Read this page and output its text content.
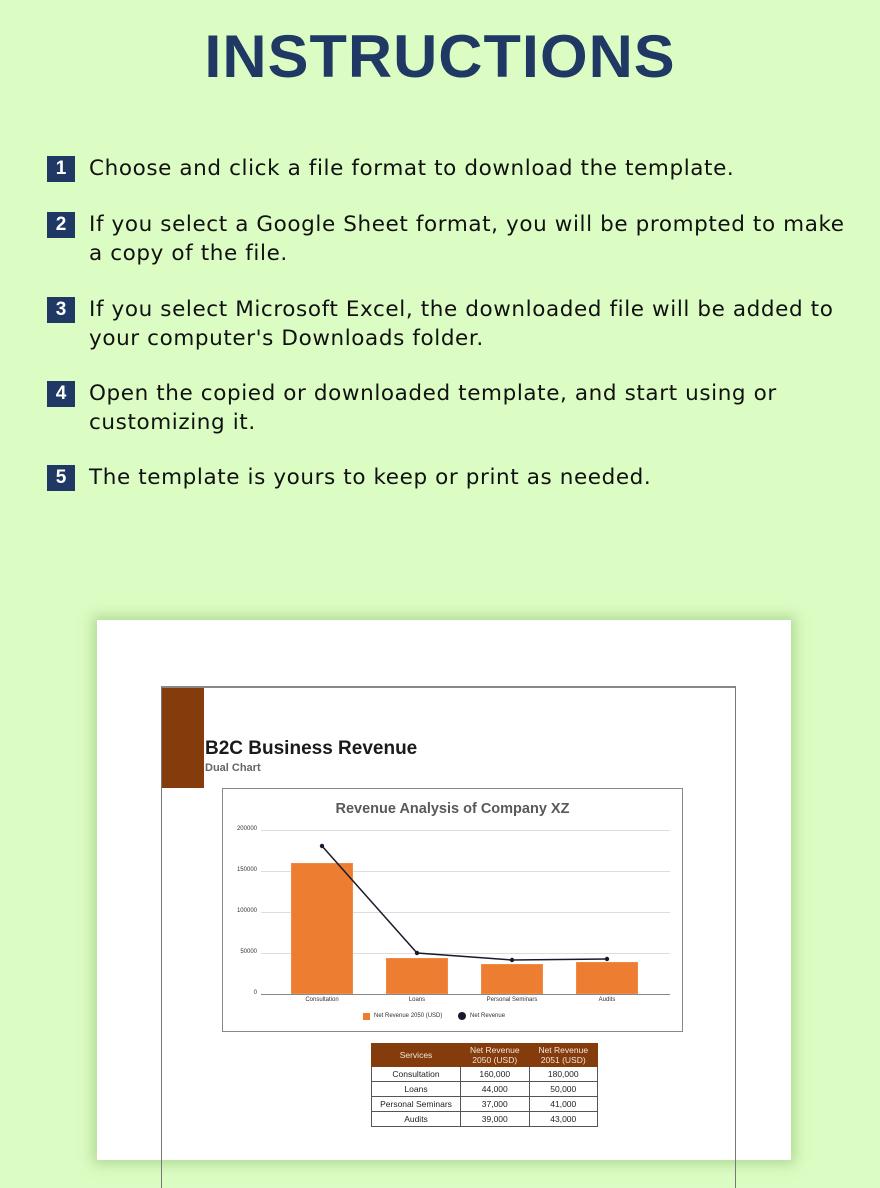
INSTRUCTIONS
1	Choose and click a file format to download the template.
2	If you select a Google Sheet format, you will be prompted to make a copy of the file.
3	If you select Microsoft Excel, the downloaded file will be added to your computer's Downloads folder.
4	Open the copied or downloaded template, and start using or customizing it.
5	The template is yours to keep or print as needed.
B2C Business Revenue
Dual Chart
Revenue Analysis of Company XZ
200000
150000
100000
50000
0
Consultation	Loans	Personal Seminars	Audits
Net Revenue 2050 (USD)	Net Revenue
Services	Net Revenue 2050 (USD)	Net Revenue 2051 (USD)
Consultation	160,000	180,000
Loans	44,000	50,000
Personal Seminars	37,000	41,000
Audits	39,000	43,000
